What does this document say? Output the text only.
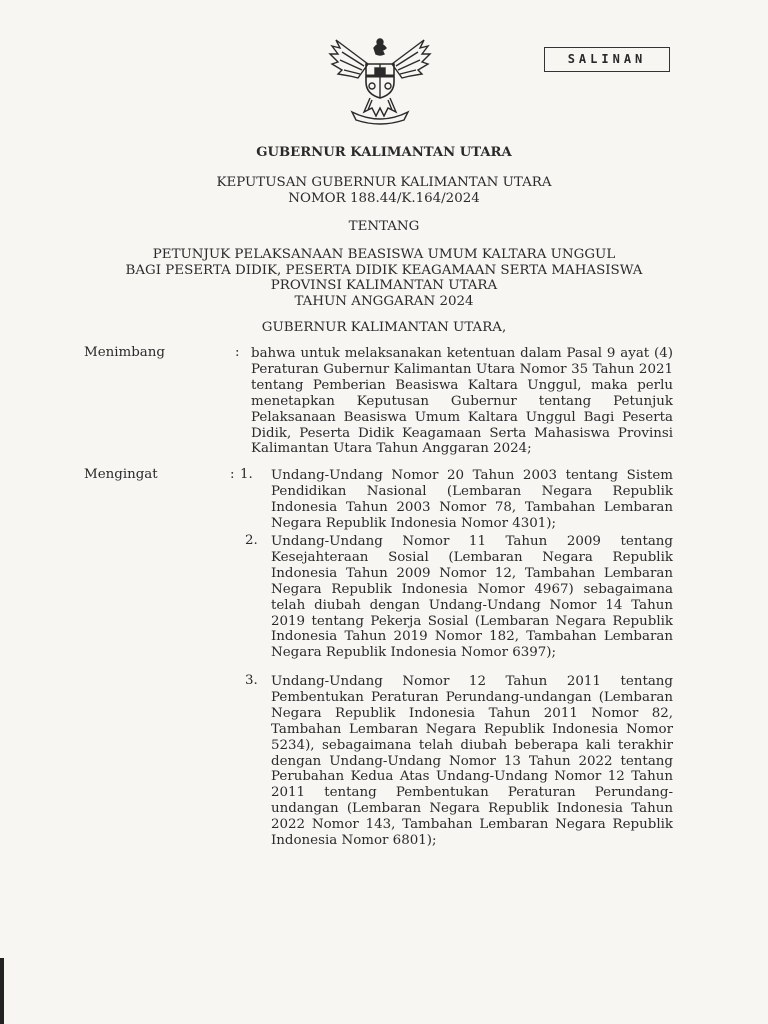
SALINAN
GUBERNUR KALIMANTAN UTARA
KEPUTUSAN GUBERNUR KALIMANTAN UTARA
NOMOR 188.44/K.164/2024
TENTANG
PETUNJUK PELAKSANAAN BEASISWA UMUM KALTARA UNGGUL
BAGI PESERTA DIDIK, PESERTA DIDIK KEAGAMAAN SERTA MAHASISWA
PROVINSI KALIMANTAN UTARA
TAHUN ANGGARAN 2024
GUBERNUR KALIMANTAN UTARA,
Menimbang	: bahwa untuk melaksanakan ketentuan dalam Pasal 9 ayat (4) Peraturan Gubernur Kalimantan Utara Nomor 35 Tahun 2021 tentang Pemberian Beasiswa Kaltara Unggul, maka perlu menetapkan Keputusan Gubernur tentang Petunjuk Pelaksanaan Beasiswa Umum Kaltara Unggul Bagi Peserta Didik, Peserta Didik Keagamaan Serta Mahasiswa Provinsi Kalimantan Utara Tahun Anggaran 2024;

Mengingat	: 1. Undang-Undang Nomor 20 Tahun 2003 tentang Sistem Pendidikan Nasional (Lembaran Negara Republik Indonesia Tahun 2003 Nomor 78, Tambahan Lembaran Negara Republik Indonesia Nomor 4301);

2. Undang-Undang Nomor 11 Tahun 2009 tentang Kesejahteraan Sosial (Lembaran Negara Republik Indonesia Tahun 2009 Nomor 12, Tambahan Lembaran Negara Republik Indonesia Nomor 4967) sebagaimana telah diubah dengan Undang-Undang Nomor 14 Tahun 2019 tentang Pekerja Sosial (Lembaran Negara Republik Indonesia Tahun 2019 Nomor 182, Tambahan Lembaran Negara Republik Indonesia Nomor 6397);

3. Undang-Undang Nomor 12 Tahun 2011 tentang Pembentukan Peraturan Perundang-undangan (Lembaran Negara Republik Indonesia Tahun 2011 Nomor 82, Tambahan Lembaran Negara Republik Indonesia Nomor 5234), sebagaimana telah diubah beberapa kali terakhir dengan Undang-Undang Nomor 13 Tahun 2022 tentang Perubahan Kedua Atas Undang-Undang Nomor 12 Tahun 2011 tentang Pembentukan Peraturan Perundang-undangan (Lembaran Negara Republik Indonesia Tahun 2022 Nomor 143, Tambahan Lembaran Negara Republik Indonesia Nomor 6801);
